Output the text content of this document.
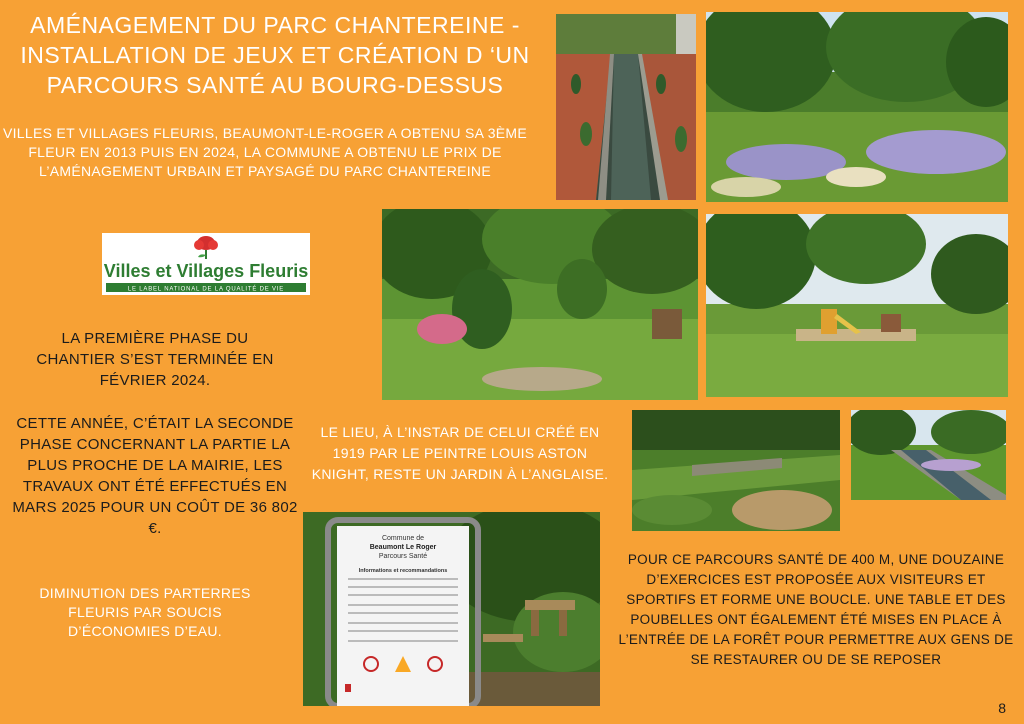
AMÉNAGEMENT DU PARC CHANTEREINE - INSTALLATION DE JEUX ET CRÉATION D ‘UN PARCOURS SANTÉ AU BOURG-DESSUS
VILLES ET VILLAGES FLEURIS, BEAUMONT-LE-ROGER A OBTENU SA 3ÈME FLEUR EN 2013 PUIS EN 2024, LA COMMUNE A OBTENU LE PRIX DE L’AMÉNAGEMENT URBAIN ET PAYSAGÉ DU PARC CHANTEREINE
Villes et Villages Fleuris
LE LABEL NATIONAL DE LA QUALITÉ DE VIE
LA PREMIÈRE PHASE DU CHANTIER S’EST TERMINÉE EN FÉVRIER 2024.
CETTE ANNÉE, C’ÉTAIT LA SECONDE PHASE CONCERNANT LA PARTIE LA PLUS PROCHE DE LA MAIRIE, LES TRAVAUX ONT ÉTÉ EFFECTUÉS EN MARS 2025 POUR UN COÛT DE 36 802 €.
DIMINUTION DES PARTERRES FLEURIS PAR SOUCIS D’ÉCONOMIES D’EAU.
LE LIEU, À L’INSTAR DE CELUI CRÉÉ EN 1919 PAR LE PEINTRE LOUIS ASTON KNIGHT, RESTE UN JARDIN À L’ANGLAISE.
POUR CE PARCOURS SANTÉ DE 400 M, UNE DOUZAINE D’EXERCICES EST PROPOSÉE AUX VISITEURS ET SPORTIFS ET FORME UNE BOUCLE. UNE TABLE ET DES POUBELLES ONT ÉGALEMENT ÉTÉ MISES EN PLACE À L’ENTRÉE DE LA FORÊT POUR PERMETTRE AUX GENS DE SE RESTAURER OU DE SE REPOSER
Commune de
Beaumont Le Roger
Parcours Santé
Informations et recommandations
8
